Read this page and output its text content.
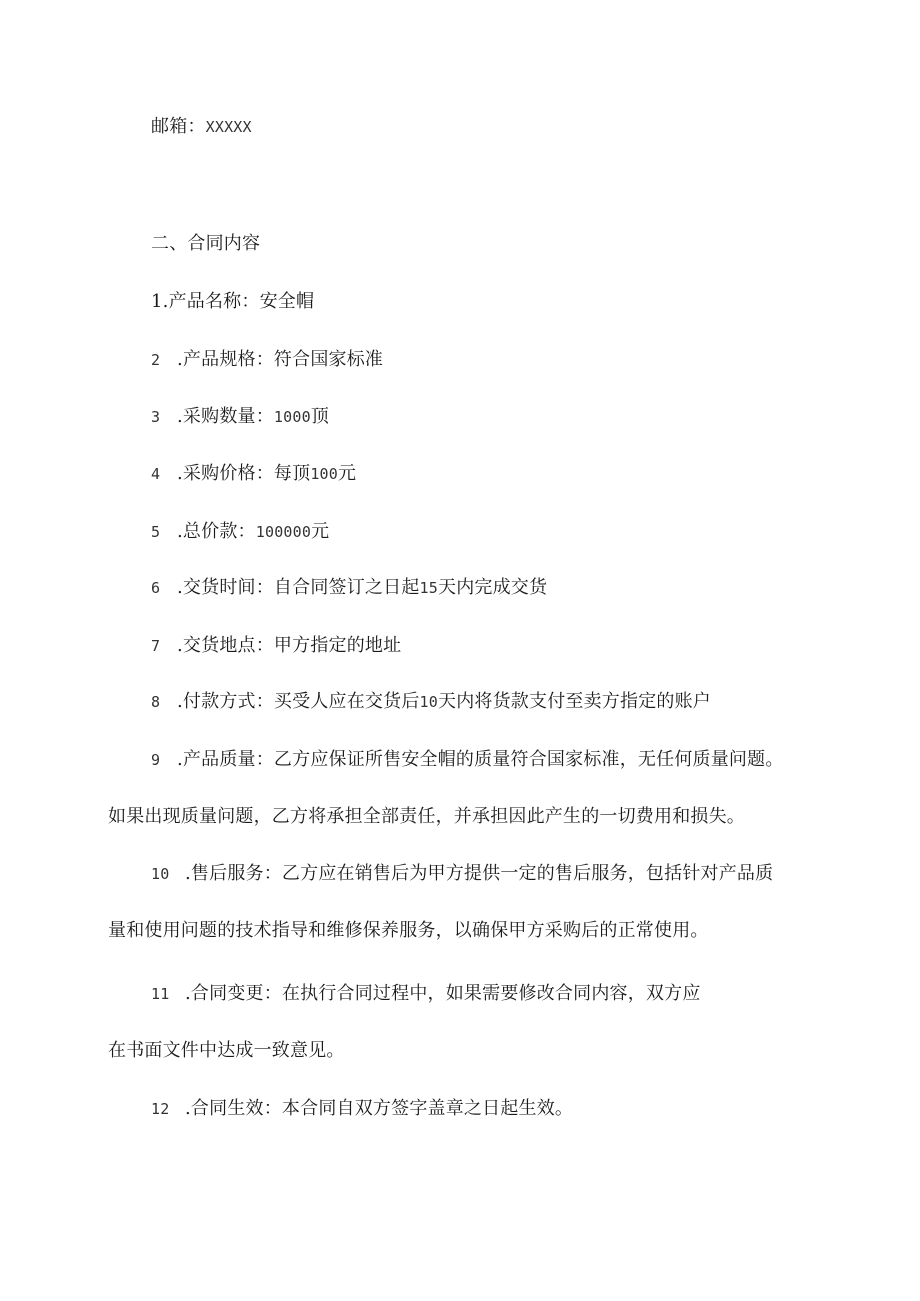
邮箱：XXXXX
二、合同内容
1.产品名称：安全帽
2 .产品规格：符合国家标准
3 .采购数量：1000顶
4 .采购价格：每顶100元
5 .总价款：100000元
6 .交货时间：自合同签订之日起15天内完成交货
7 .交货地点：甲方指定的地址
8 .付款方式：买受人应在交货后10天内将货款支付至卖方指定的账户
9 .产品质量：乙方应保证所售安全帽的质量符合国家标准，无任何质量问题。
如果出现质量问题，乙方将承担全部责任，并承担因此产生的一切费用和损失。
10 .售后服务：乙方应在销售后为甲方提供一定的售后服务，包括针对产品质
量和使用问题的技术指导和维修保养服务，以确保甲方采购后的正常使用。
11 .合同变更：在执行合同过程中，如果需要修改合同内容，双方应
在书面文件中达成一致意见。
12 .合同生效：本合同自双方签字盖章之日起生效。
